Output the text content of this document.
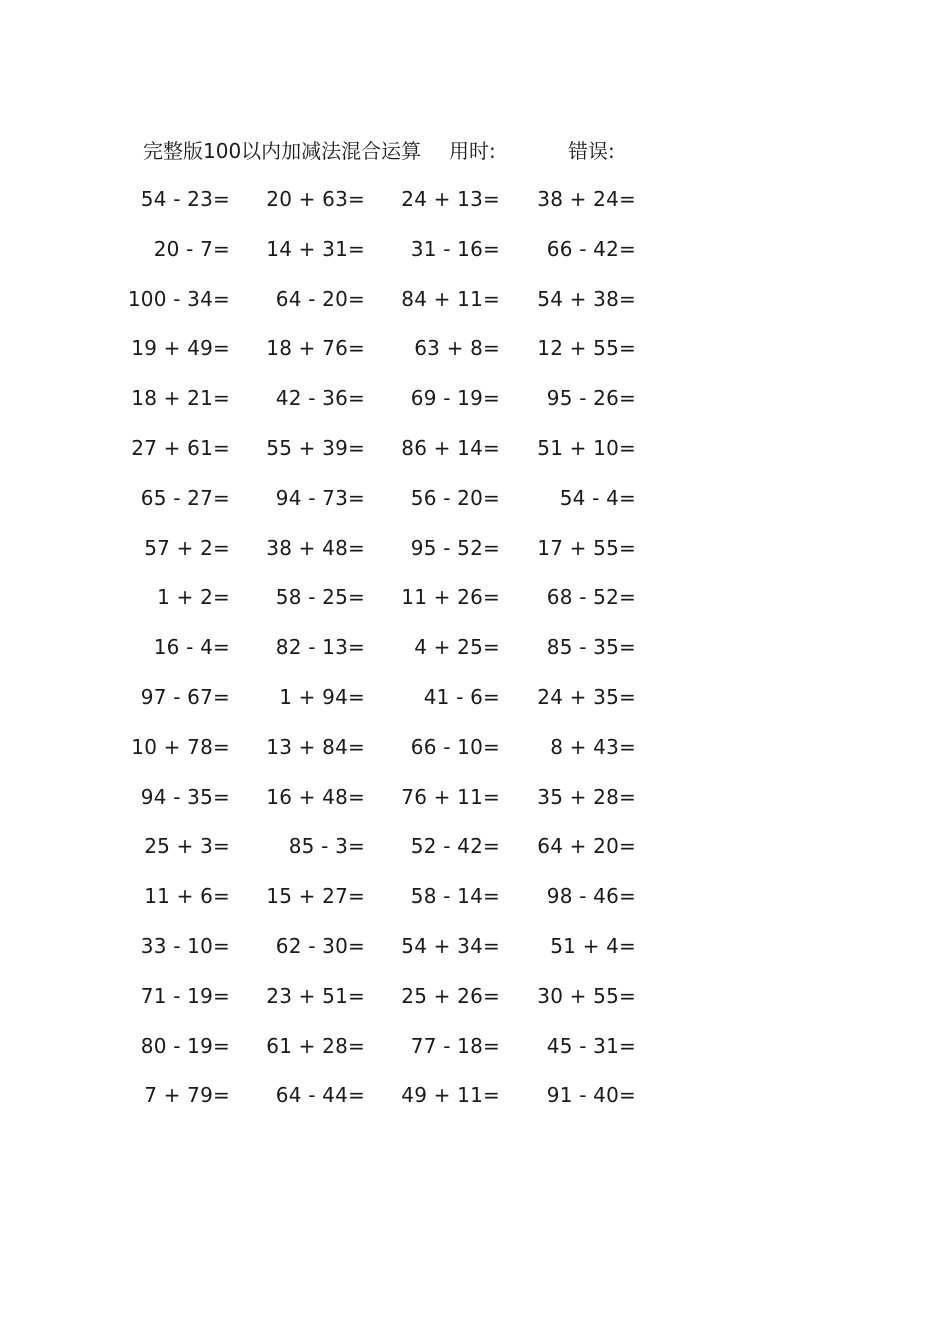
完整版100以内加减法混合运算 用时:	错误:
54 - 23= 20 + 63= 24 + 13= 38 + 24=
20 - 7= 14 + 31= 31 - 16= 66 - 42=
100 - 34= 64 - 20= 84 + 11= 54 + 38=
19 + 49= 18 + 76= 63 + 8= 12 + 55=
18 + 21= 42 - 36= 69 - 19= 95 - 26=
27 + 61= 55 + 39= 86 + 14= 51 + 10=
65 - 27= 94 - 73= 56 - 20=	54 - 4=
57 + 2= 38 + 48= 95 - 52= 17 + 55=
1 + 2= 58 - 25= 11 + 26= 68 - 52=
16 - 4= 82 - 13= 4 + 25= 85 - 35=
97 - 67= 1 + 94=	41 - 6= 24 + 35=
10 + 78= 13 + 84= 66 - 10=	8 + 43=
94 - 35= 16 + 48= 76 + 11= 35 + 28=
25 + 3=	85 - 3= 52 - 42= 64 + 20=
11 + 6= 15 + 27= 58 - 14= 98 - 46=
33 - 10= 62 - 30= 54 + 34=	51 + 4=
71 - 19= 23 + 51= 25 + 26= 30 + 55=
80 - 19= 61 + 28= 77 - 18= 45 - 31=
7 + 79= 64 - 44= 49 + 11= 91 - 40=
